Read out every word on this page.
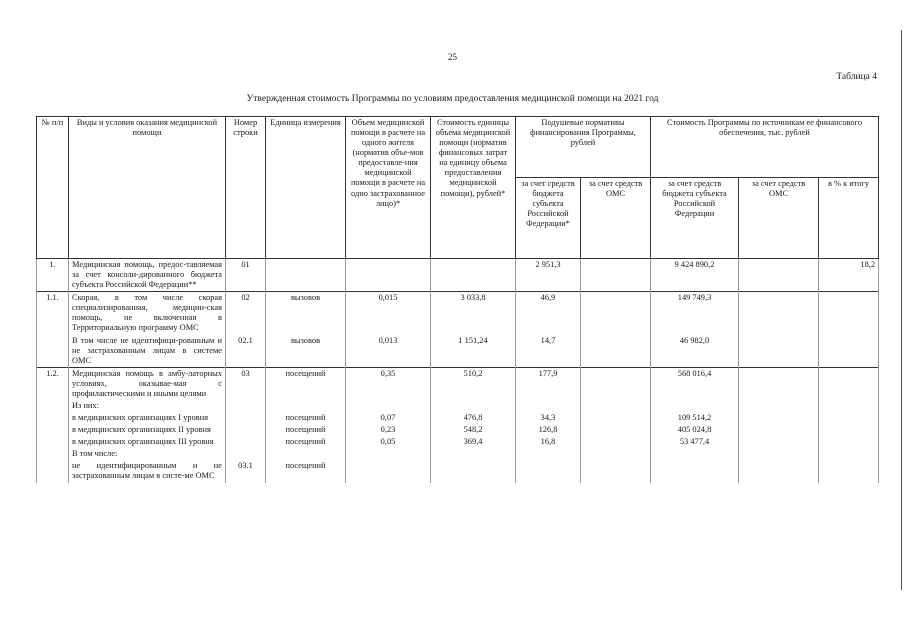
25
Таблица 4
Утвержденная стоимость Программы по условиям предоставления медицинской помощи на 2021 год
№ п/п	Виды и условия оказания медицинской помощи	Номер строки	Единица измерения	Объем медицинской помощи в расчете на одного жителя (норматив объе-мов предоставле-ния медицинской помощи в расчете на одно застрахованное лицо)*	Стоимость единицы объема медицинской помощи (норматив финансовых затрат на единицу объема предоставления медицинской помощи), рублей*	Подушевые нормативы финансирования Программы, рублей		Стоимость Программы по источникам ее финансового обеспечения, тыс. рублей		
						за счет средств бюджета субъекта Российской Федерации*	за счет средств ОМС	за счет средств бюджета субъекта Российской Федерации	за счет средств ОМС	в % к итогу
1.	Медицинская помощь, предос-тавляемая за счет консоли-дированного бюджета субъекта Российской Федерации**	01				2 951,3		9 424 890,2		18,2
1.1.	Скорая, в том числе скорая специализированная, медицин-ская помощь, не включенная в Территориальную программу ОМС	02	вызовов	0,015	3 033,8	46,9		149 749,3		
	В том числе не идентифици-рованным и не застрахованным лицам в системе ОМС	02.1	вызовов	0,013	1 151,24	14,7		46 982,0		
1.2.	Медицинская помощь в амбу-латорных условиях, оказывае-мая с профилактическими и иными целями	03	посещений	0,35	510,2	177,9		568 016,4		
	Из них:									
	в медицинских организациях I уровня		посещений	0,07	476,8	34,3		109 514,2		
	в медицинских организациях II уровня		посещений	0,23	548,2	126,8		405 024,8		
	в медицинских организациях III уровня		посещений	0,05	369,4	16,8		53 477,4		
	В том числе:									
	не идентифицированным и не застрахованным лицам в систе-ме ОМС	03.1	посещений							
